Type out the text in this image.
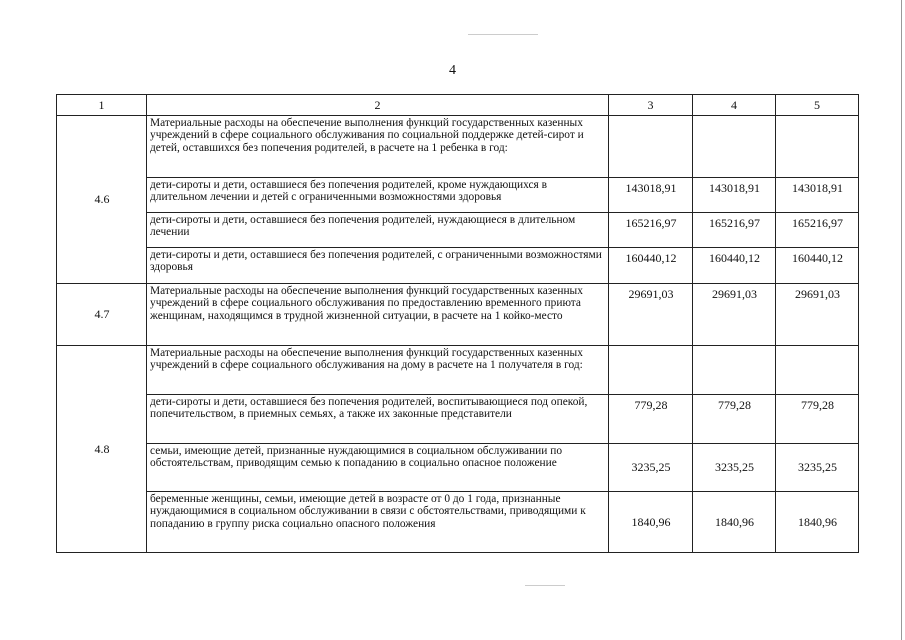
4
1	2	3	4	5
4.6	Материальные расходы на обеспечение выполнения функций государственных казенных учреждений в сфере социального обслуживания по социальной поддержке детей-сирот и детей, оставшихся без попечения родителей, в расчете на 1 ребенка в год:			
	дети-сироты и дети, оставшиеся без попечения родителей, кроме нуждающихся в длительном лечении и детей с ограниченными возможностями здоровья	143018,91	143018,91	143018,91
	дети-сироты и дети, оставшиеся без попечения родителей, нуждающиеся в длительном лечении	165216,97	165216,97	165216,97
	дети-сироты и дети, оставшиеся без попечения родителей, с ограниченными возможностями здоровья	160440,12	160440,12	160440,12
4.7	Материальные расходы на обеспечение выполнения функций государственных казенных учреждений в сфере социального обслуживания по предоставлению временного приюта женщинам, находящимся в трудной жизненной ситуации, в расчете на 1 койко-место	29691,03	29691,03	29691,03
4.8	Материальные расходы на обеспечение выполнения функций государственных казенных учреждений в сфере социального обслуживания на дому в расчете на 1 получателя в год:			
	дети-сироты и дети, оставшиеся без попечения родителей, воспитывающиеся под опекой, попечительством, в приемных семьях, а также их законные представители	779,28	779,28	779,28
	семьи, имеющие детей, признанные нуждающимися в социальном обслуживании по обстоятельствам, приводящим семью к попаданию в социально опасное положение	3235,25	3235,25	3235,25
	беременные женщины, семьи, имеющие детей в возрасте от 0 до 1 года, признанные нуждающимися в социальном обслуживании в связи с обстоятельствами, приводящими к попаданию в группу риска социально опасного положения	1840,96	1840,96	1840,96
